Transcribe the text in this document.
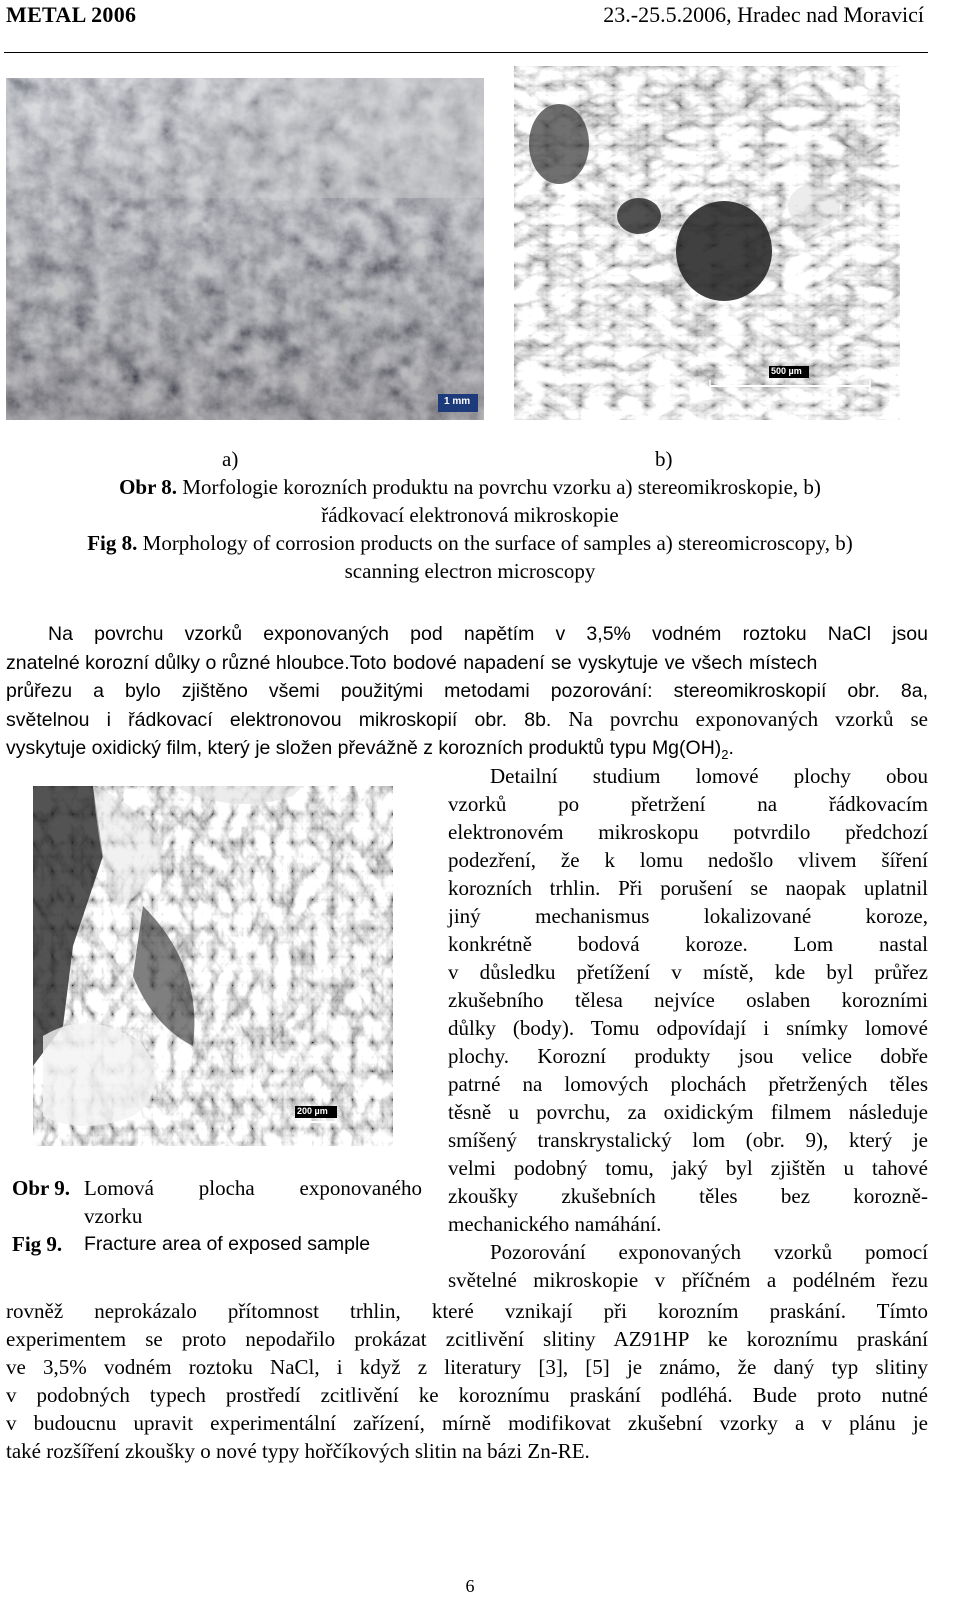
METAL 2006	23.-25.5.2006, Hradec nad Moravicí
1 mm
500 µm
a)	b)
Obr 8. Morfologie korozních produktu na povrchu vzorku a) stereomikroskopie, b)
řádkovací elektronová mikroskopie
Fig 8. Morphology of corrosion products on the surface of samples a) stereomicroscopy, b)
scanning electron microscopy
Na povrchu vzorků exponovaných pod napětím v 3,5% vodném roztoku NaCl jsou
znatelné korozní důlky o různé hloubce.Toto bodové napadení se vyskytuje ve všech místech
průřezu a bylo zjištěno všemi použitými metodami pozorování: stereomikroskopií obr. 8a,
světelnou i řádkovací elektronovou mikroskopií obr. 8b. Na povrchu exponovaných vzorků se
vyskytuje oxidický film, který je složen převážně z korozních produktů typu $Mg(OH)_2$.
200 µm
Detailní studium lomové plochy obou
vzorků po přetržení na řádkovacím
elektronovém mikroskopu potvrdilo předchozí
podezření, že k lomu nedošlo vlivem šíření
korozních trhlin. Při porušení se naopak uplatnil
jiný mechanismus lokalizované koroze,
konkrétně bodová koroze. Lom nastal
v důsledku přetížení v místě, kde byl průřez
zkušebního tělesa nejvíce oslaben korozními
důlky (body). Tomu odpovídají i snímky lomové
plochy. Korozní produkty jsou velice dobře
patrné na lomových plochách přetržených těles
těsně u povrchu, za oxidickým filmem následuje
smíšený transkrystalický lom (obr. 9), který je
velmi podobný tomu, jaký byl zjištěn u tahové
zkoušky zkušebních těles bez korozně-
mechanického namáhání.
Pozorování exponovaných vzorků pomocí
světelné mikroskopie v příčném a podélném řezu
Obr 9. Lomová plocha exponovaného
vzorku
Fig 9.	Fracture area of exposed sample
rovněž neprokázalo přítomnost trhlin, které vznikají při korozním praskání. Tímto
experimentem se proto nepodařilo prokázat zcitlivění slitiny AZ91HP ke koroznímu praskání
ve 3,5% vodném roztoku NaCl, i když z literatury [3], [5] je známo, že daný typ slitiny
v podobných typech prostředí zcitlivění ke koroznímu praskání podléhá. Bude proto nutné
v budoucnu upravit experimentální zařízení, mírně modifikovat zkušební vzorky a v plánu je
také rozšíření zkoušky o nové typy hořčíkových slitin na bázi Zn-RE.
6
